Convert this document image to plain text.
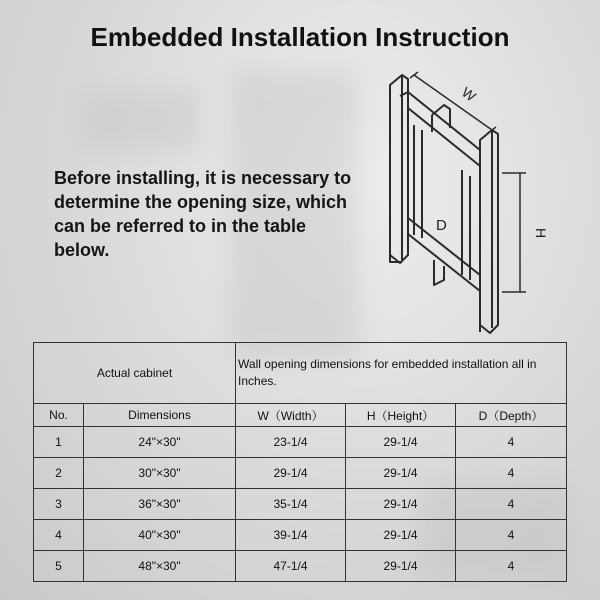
Embedded Installation Instruction
Before installing, it is necessary to determine the opening size, which can be referred to in the table below.
W
H
D
Actual cabinet		Wall opening dimensions for embedded installation all in Inches.		
No.	Dimensions	W（Width）	H（Height）	D（Depth）
1	24"×30"	23-1/4	29-1/4	4
2	30"×30"	29-1/4	29-1/4	4
3	36"×30"	35-1/4	29-1/4	4
4	40"×30"	39-1/4	29-1/4	4
5	48"×30"	47-1/4	29-1/4	4
